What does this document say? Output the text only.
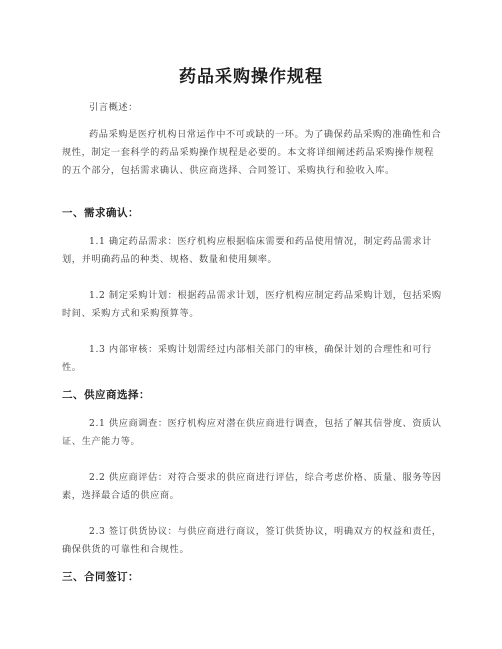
药品采购操作规程
引言概述：
药品采购是医疗机构日常运作中不可或缺的一环。为了确保药品采购的准确性和合规性，制定一套科学的药品采购操作规程是必要的。本文将详细阐述药品采购操作规程的五个部分，包括需求确认、供应商选择、合同签订、采购执行和验收入库。
一、需求确认：
1.1 确定药品需求：医疗机构应根据临床需要和药品使用情况，制定药品需求计划，并明确药品的种类、规格、数量和使用频率。
1.2 制定采购计划：根据药品需求计划，医疗机构应制定药品采购计划，包括采购时间、采购方式和采购预算等。
1.3 内部审核：采购计划需经过内部相关部门的审核，确保计划的合理性和可行性。
二、供应商选择：
2.1 供应商调查：医疗机构应对潜在供应商进行调查，包括了解其信誉度、资质认证、生产能力等。
2.2 供应商评估：对符合要求的供应商进行评估，综合考虑价格、质量、服务等因素，选择最合适的供应商。
2.3 签订供货协议：与供应商进行商议，签订供货协议，明确双方的权益和责任，确保供货的可靠性和合规性。
三、合同签订：
